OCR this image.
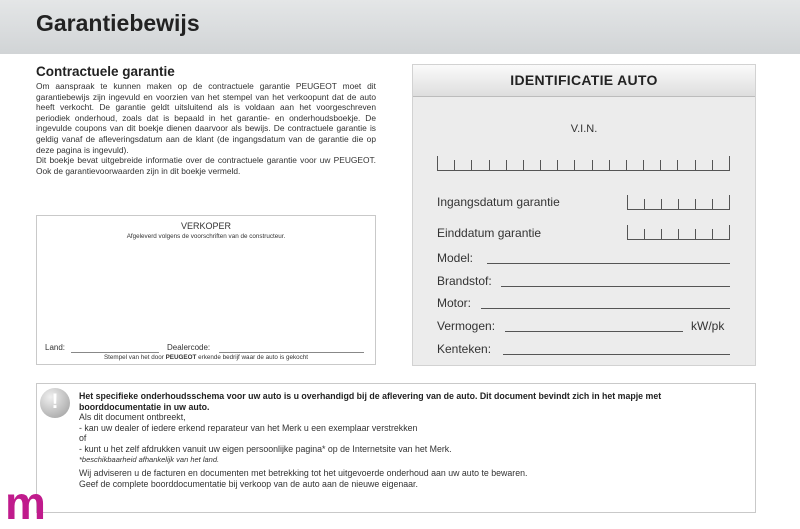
Garantiebewijs
Contractuele garantie

Om aanspraak te kunnen maken op de contractuele garantie PEUGEOT moet dit garantiebewijs zijn ingevuld en voorzien van het stempel van het verkoopunt dat de auto heeft verkocht. De garantie geldt uitsluitend als is voldaan aan het voorgeschreven periodiek onderhoud, zoals dat is bepaald in het garantie- en onderhoudsboekje. De ingevulde coupons van dit boekje dienen daarvoor als bewijs. De contractuele garantie is geldig vanaf de afleveringsdatum aan de klant (de ingangsdatum van de garantie die op deze pagina is ingevuld).

Dit boekje bevat uitgebreide informatie over de contractuele garantie voor uw PEUGEOT. Ook de garantievoorwaarden zijn in dit boekje vermeld.

VERKOPER
Afgeleverd volgens de voorschriften van de constructeur.
Land:	Dealercode:
Stempel van het door PEUGEOT erkende bedrijf waar de auto is gekocht
IDENTIFICATIE AUTO
V.I.N.
Ingangsdatum garantie
Einddatum garantie
Model:
Brandstof:
Motor:
Vermogen:	kW/pk
Kenteken:
!	Het specifieke onderhoudsschema voor uw auto is u overhandigd bij de aflevering van de auto. Dit document bevindt zich in het mapje met boorddocumentatie in uw auto.
Als dit document ontbreekt,
- kan uw dealer of iedere erkend reparateur van het Merk u een exemplaar verstrekken
of
- kunt u het zelf afdrukken vanuit uw eigen persoonlijke pagina* op de Internetsite van het Merk.
*beschikbaarheid afhankelijk van het land.
Wij adviseren u de facturen en documenten met betrekking tot het uitgevoerde onderhoud aan uw auto te bewaren.
Geef de complete boorddocumentatie bij verkoop van de auto aan de nieuwe eigenaar.
m
